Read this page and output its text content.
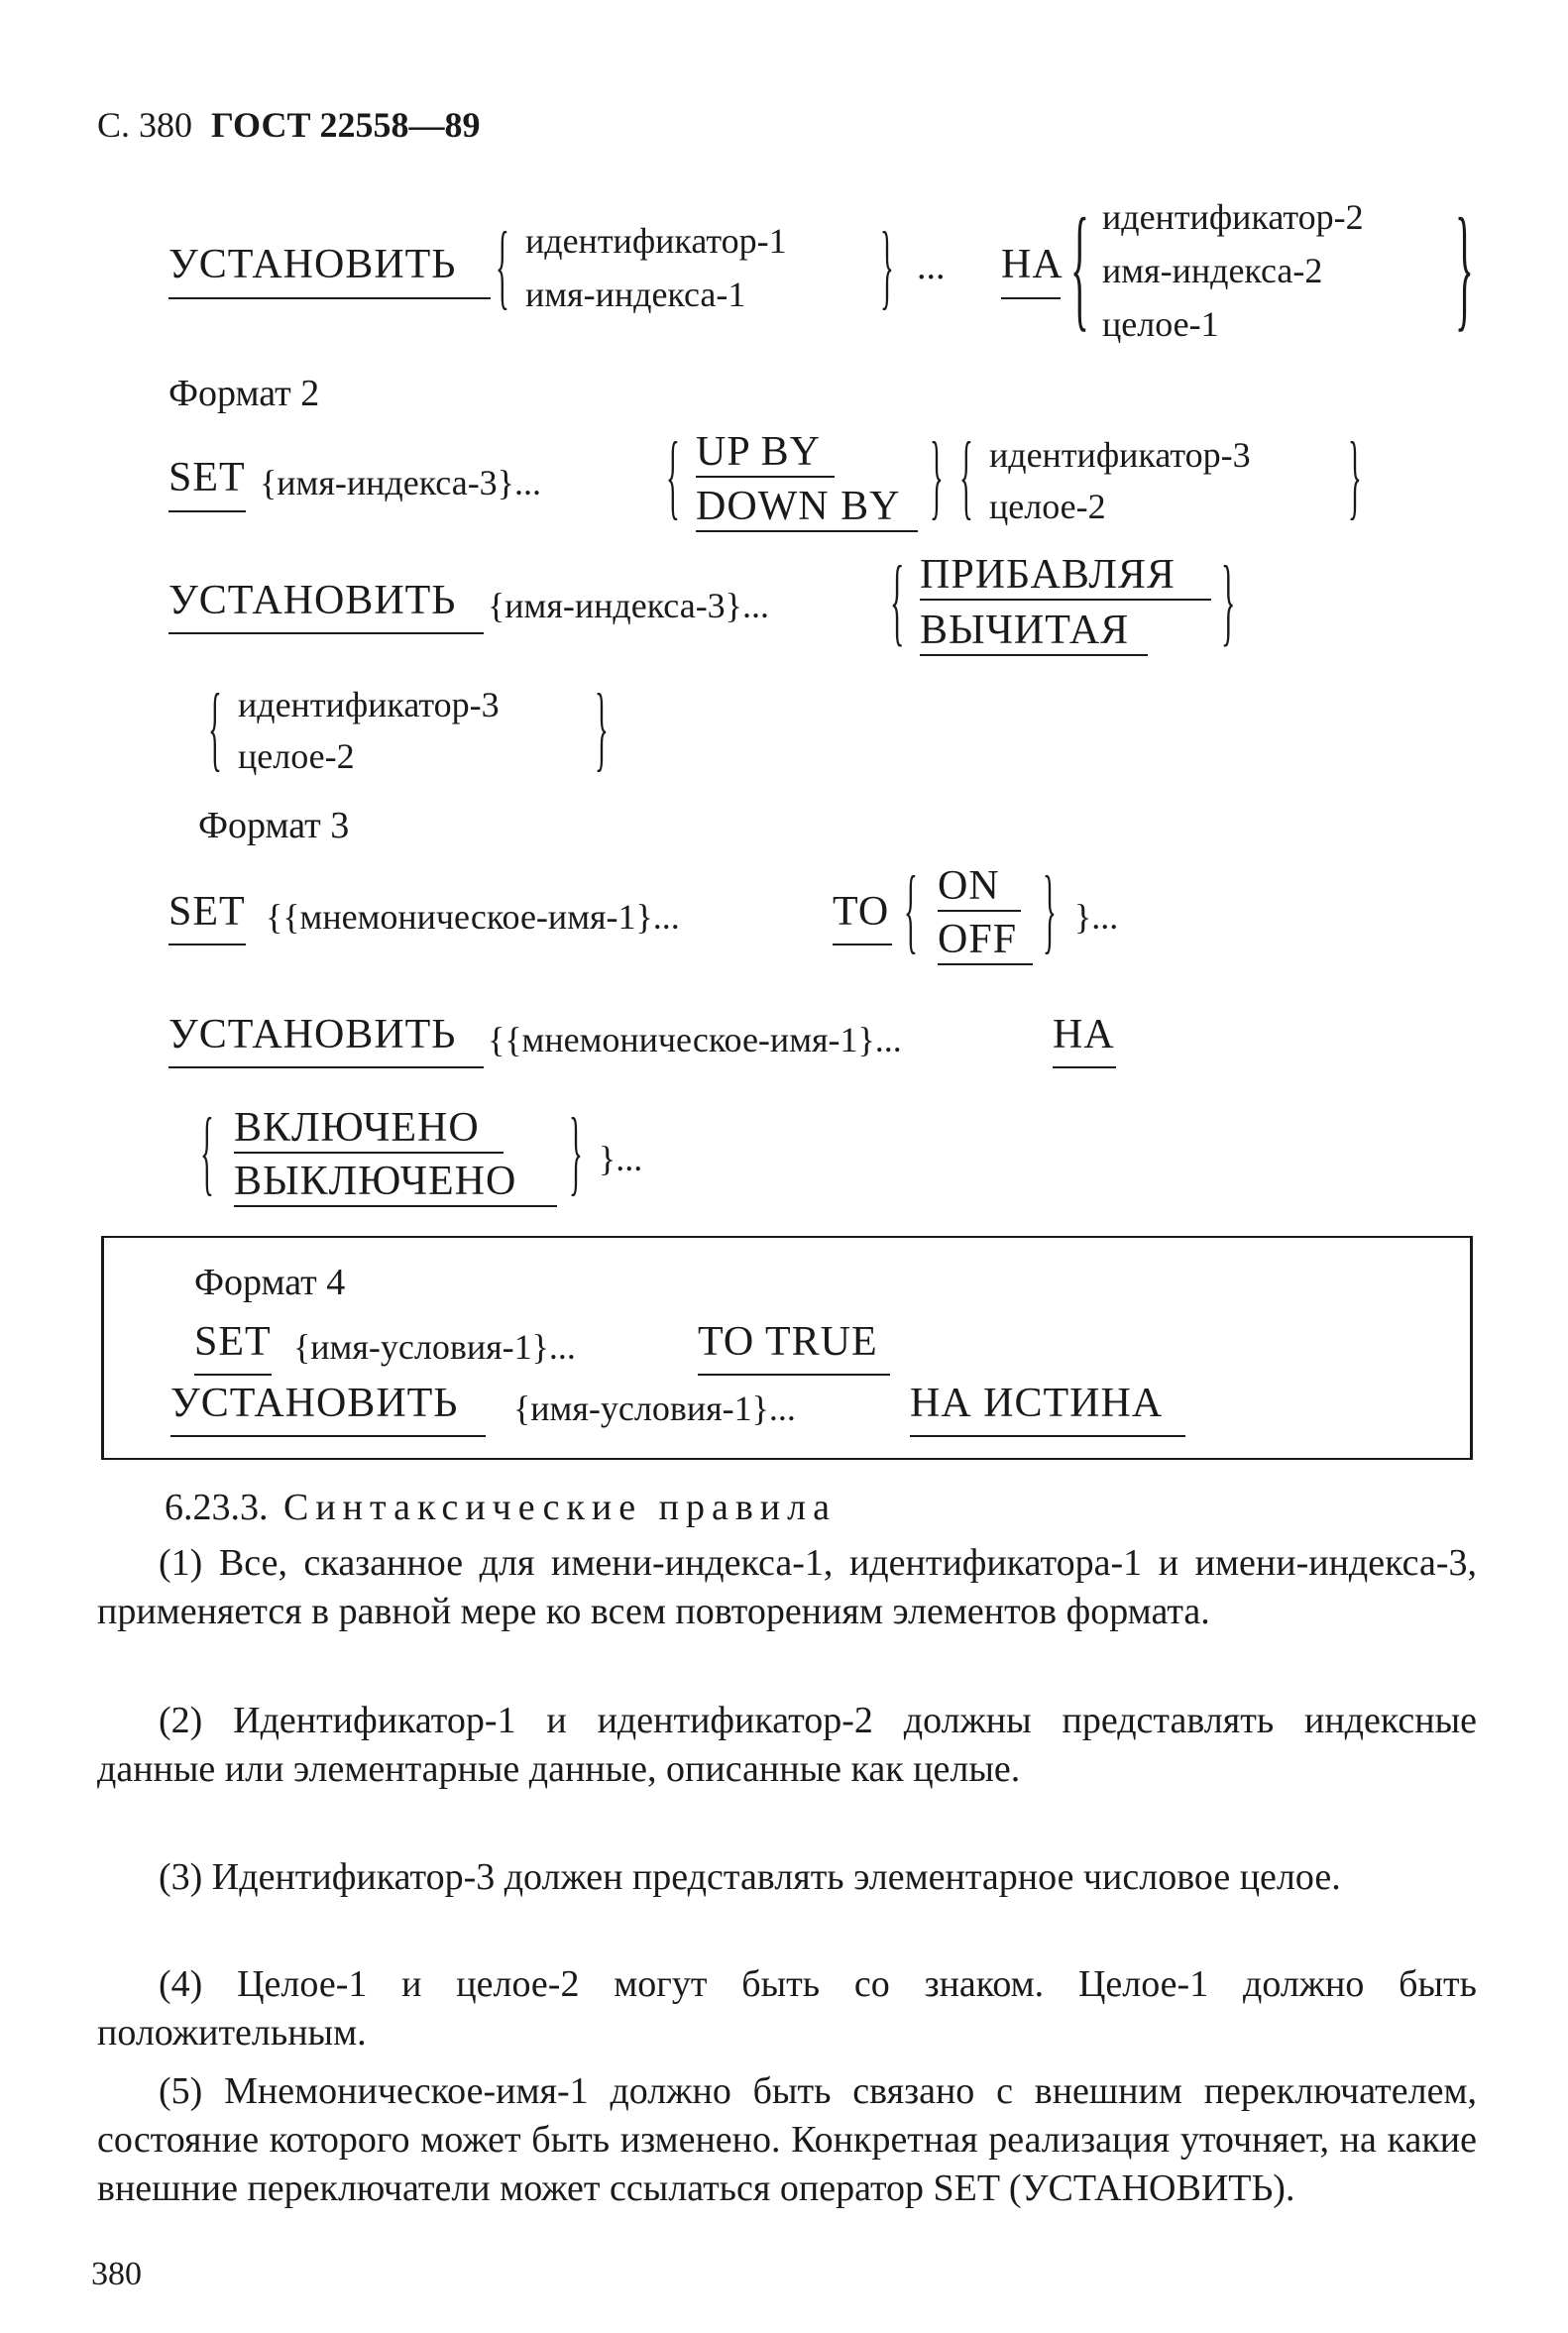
С. 380 ГОСТ 22558—89
УСТАНОВИТЬ { идентификатор-1
имя-индекса-1 } ... НА { идентификатор-2
имя-индекса-2
целое-1 }
Формат 2
SET {имя-индекса-3}... { UP BY
DOWN BY } { идентификатор-3
целое-2	}
УСТАНОВИТЬ {имя-индекса-3}... { ПРИБАВЛЯЯ
ВЫЧИТАЯ }
{ идентификатор-3
целое-2	}
Формат 3
SET {{мнемоническое-имя-1}...	TO { ON
OFF } }...
УСТАНОВИТЬ {{мнемоническое-имя-1}...	НА
{ ВКЛЮЧЕНО
ВЫКЛЮЧЕНО } }...
Формат 4
SET {имя-условия-1}...	TO TRUE
УСТАНОВИТЬ {имя-условия-1}...	НА ИСТИНА
6.23.3. Синтаксические правила
(1) Все, сказанное для имени-индекса-1, идентификатора-1 и имени-индекса-3, применяется в равной мере ко всем повторениям элементов формата.
(2) Идентификатор-1 и идентификатор-2 должны представлять индексные данные или элементарные данные, описанные как целые.
(3) Идентификатор-3 должен представлять элементарное числовое целое.
(4) Целое-1 и целое-2 могут быть со знаком. Целое-1 должно быть положительным.
(5) Мнемоническое-имя-1 должно быть связано с внешним переключателем, состояние которого может быть изменено. Конкретная реализация уточняет, на какие внешние переключатели может ссылаться оператор SET (УСТАНОВИТЬ).
380
